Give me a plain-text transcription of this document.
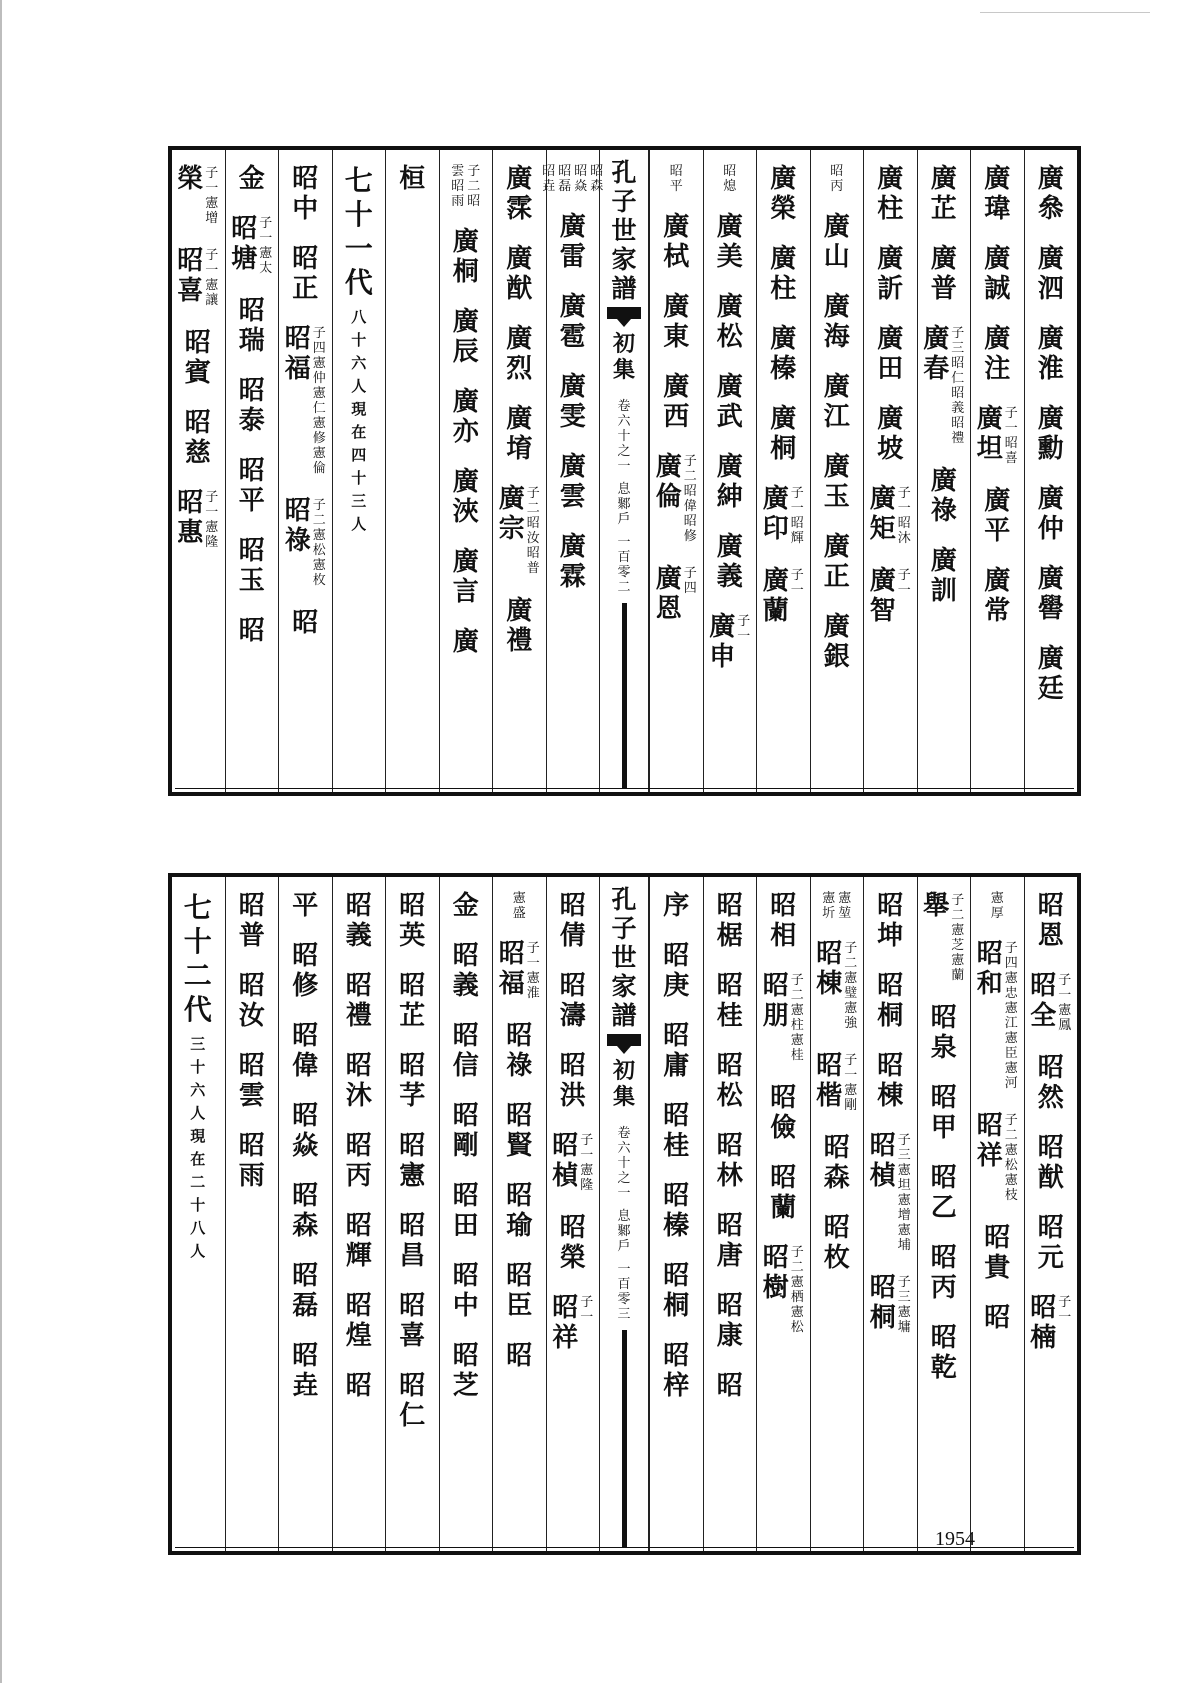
廣
叅
廣
泗
廣
淮
廣
勳
廣
仲
廣
嚳
廣
廷
廣
瑋
廣
誠
廣
注
廣
坦
子
一
昭
喜
廣
平
廣
常
廣
芷
廣
普
廣
春
子
三
昭
仁
昭
義
昭
禮
廣
祿
廣
訓
廣
柱
廣
訢
廣
田
廣
坡
廣
矩
子
一
昭
沐
廣
智
子
一
昭
丙
廣
山
廣
海
廣
江
廣
玉
廣
正
廣
銀
廣
榮
廣
柱
廣
榛
廣
桐
廣
印
子
一
昭
輝
廣
蘭
子
一
昭
熄
廣
美
廣
松
廣
武
廣
紳
廣
義
廣
申
子
一
昭
平
廣
栻
廣
東
廣
西
廣
倫
子
二
昭
偉
昭
修
廣
恩
子
四
孔
子
世
家
譜
初
集
卷
六
十
之
一
息
鄹
戶
一
百
零
二
昭
森
昭
焱
昭
磊
昭
垚
廣
雷
廣
雹
廣
雯
廣
雲
廣
霖
廣
霂
廣
猷
廣
烈
廣
堉
廣
宗
子
二
昭
汝
昭
普
廣
禮
子
二
昭
雲
昭
雨
廣
桐
廣
辰
廣
亦
廣
浹
廣
言
廣
桓
七
十
一
代
八
十
六
人
現
在
四
十
三
人
昭
中
昭
正
昭
福
子
四
憲
仲
憲
仁
憲
修
憲
倫
昭
祿
子
二
憲
松
憲
枚
昭
金
昭
塘
子
一
憲
太
昭
瑞
昭
泰
昭
平
昭
玉
昭
榮 子
一
憲
增
昭
喜
子
一
憲
讓
昭
賓
昭
慈
昭
惠
子
一
憲
隆
昭
恩
昭
全
子
一
憲
鳳
昭
然
昭
猷
昭
元
昭
楠
子
一
憲
厚
昭
和
子
四
憲
忠
憲
江
憲
臣
憲
河
昭
祥
子
二
憲
松
憲
枝
昭
貴
昭
舉 子
二
憲
芝
憲
蘭
昭
泉
昭
甲
昭
乙
昭
丙
昭
乾
昭
坤
昭
桐
昭
棟
昭
楨
子
三
憲
坦
憲
增
憲
埔
昭
桐
子
三
憲
墉
憲
堃
憲
圻
昭
棟
子
二
憲
璧
憲
強
昭
楷
子
一
憲
剛
昭
森
昭
枚
昭
相
昭
朋
子
二
憲
柱
憲
桂
昭
儉
昭
蘭
昭
樹
子
二
憲
栖
憲
松
昭
椐
昭
桂
昭
松
昭
林
昭
唐
昭
康
昭
序
昭
庚
昭
庸
昭
桂
昭
榛
昭
桐
昭
梓
孔
子
世
家
譜
初
集
卷
六
十
之
一
息
鄹
戶
一
百
零
三
昭
倩
昭
濤
昭
洪
昭
楨
子
一
憲
隆
昭
榮
昭
祥
子
一
憲
盛
昭
福
子
一
憲
淮
昭
祿
昭
賢
昭
瑜
昭
臣
昭
金
昭
義
昭
信
昭
剛
昭
田
昭
中
昭
芝
昭
英
昭
芷
昭
芓
昭
憲
昭
昌
昭
喜
昭
仁
昭
義
昭
禮
昭
沐
昭
丙
昭
輝
昭
煌
昭
平
昭
修
昭
偉
昭
焱
昭
森
昭
磊
昭
垚
昭
普
昭
汝
昭
雲
昭
雨
七
十
二
代
三
十
六
人
現
在
二
十
八
人
1954
